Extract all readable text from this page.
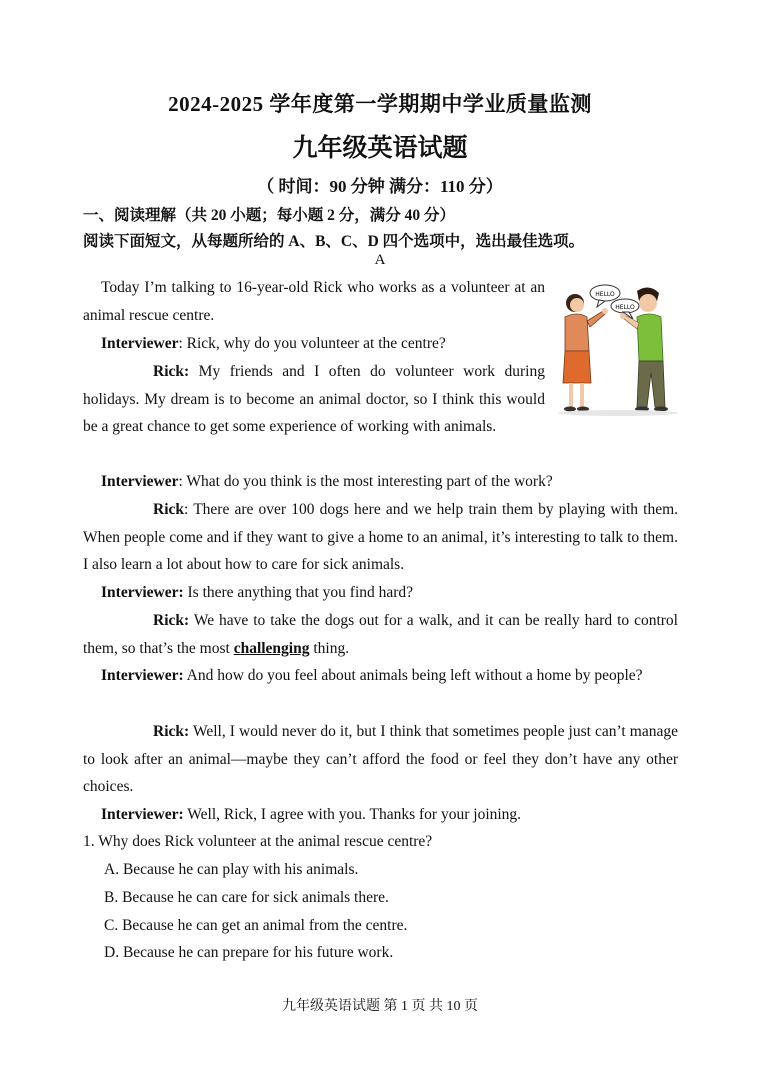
2024-2025 学年度第一学期期中学业质量监测
九年级英语试题
（ 时间：90 分钟 满分：110 分）
一、阅读理解（共 20 小题；每小题 2 分，满分 40 分）
阅读下面短文，从每题所给的 A、B、C、D 四个选项中，选出最佳选项。
A
HELLO
HELLO

Today I’m talking to 16-year-old Rick who works as a volunteer at an animal rescue centre.

Interviewer: Rick, why do you volunteer at the centre?

Rick: My friends and I often do volunteer work during holidays. My dream is to become an animal doctor, so I think this would be a great chance to get some experience of working with animals.

Interviewer: What do you think is the most interesting part of the work?

Rick: There are over 100 dogs here and we help train them by playing with them. When people come and if they want to give a home to an animal, it’s interesting to talk to them. I also learn a lot about how to care for sick animals.

Interviewer: Is there anything that you find hard?

Rick: We have to take the dogs out for a walk, and it can be really hard to control them, so that’s the most challenging thing.

Interviewer: And how do you feel about animals being left without a home by people?

Rick: Well, I would never do it, but I think that sometimes people just can’t manage to look after an animal—maybe they can’t afford the food or feel they don’t have any other choices.

Interviewer: Well, Rick, I agree with you. Thanks for your joining.

1. Why does Rick volunteer at the animal rescue centre?
A. Because he can play with his animals.
B. Because he can care for sick animals there.
C. Because he can get an animal from the centre.
D. Because he can prepare for his future work.
九年级英语试题 第 1 页 共 10 页
